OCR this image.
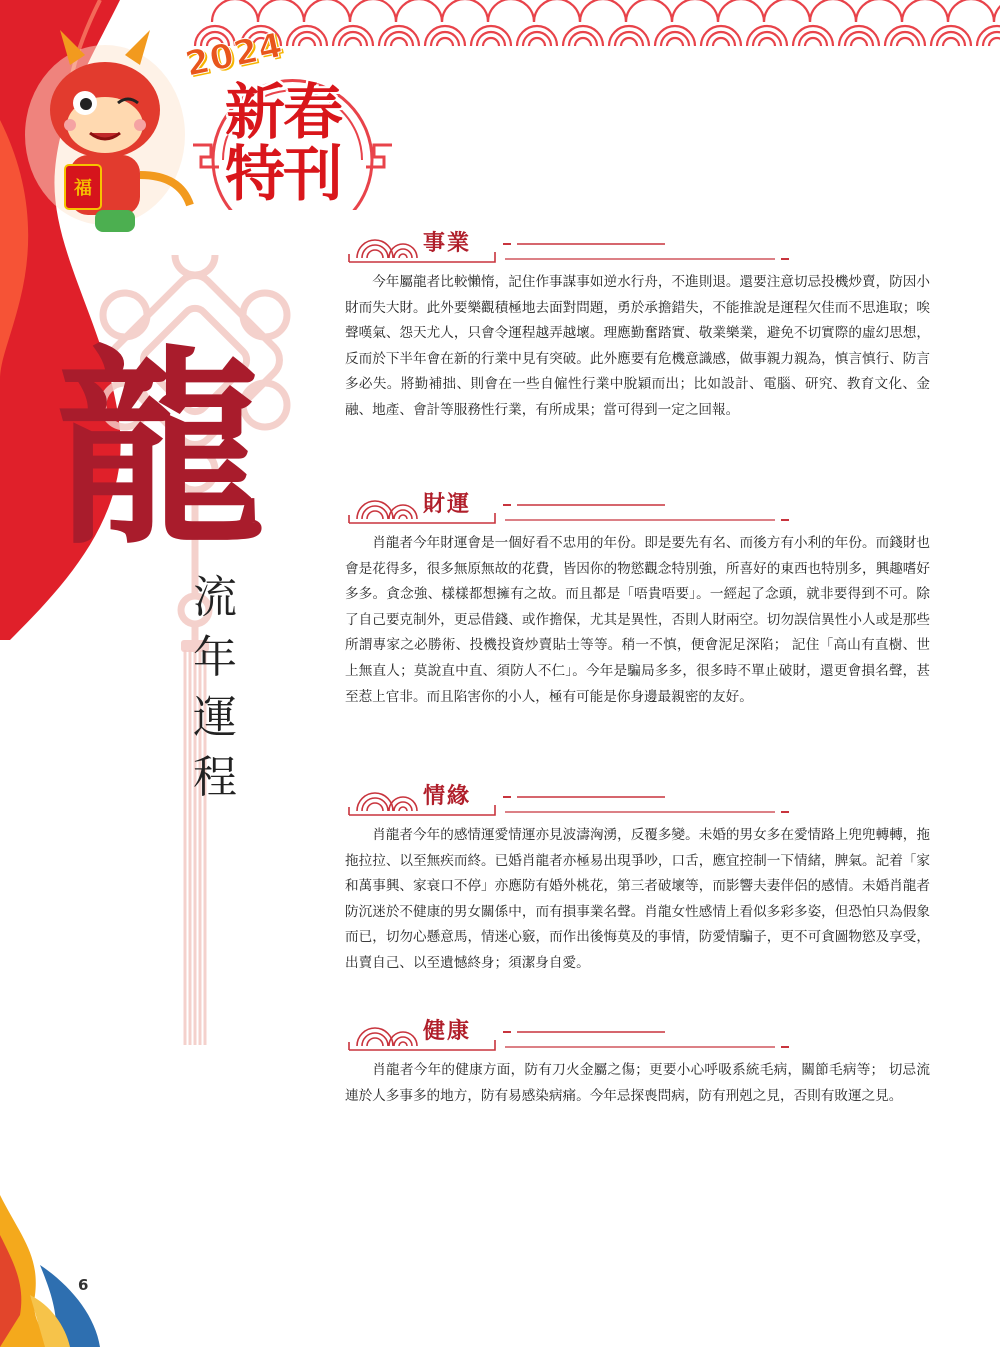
福
2024
新春
特刊
龍
流
年
運
程
事業

今年屬龍者比較懶惰，記住作事謀事如逆水行舟，不進則退。還要注意切忌投機炒賣，防因小財而失大財。此外要樂觀積極地去面對問題，勇於承擔錯失，不能推說是運程欠佳而不思進取；唉聲嘆氣、怨天尤人，只會令運程越弄越壞。理應勤奮踏實、敬業樂業，避免不切實際的虛幻思想，反而於下半年會在新的行業中見有突破。此外應要有危機意識感，做事親力親為，慎言慎行、防言多必失。將勤補拙、則會在一些自僱性行業中脫穎而出；比如設計、電腦、研究、教育文化、金融、地產、會計等服務性行業，有所成果；當可得到一定之回報。

財運

肖龍者今年財運會是一個好看不忠用的年份。即是要先有名、而後方有小利的年份。而錢財也會是花得多，很多無原無故的花費，皆因你的物慾觀念特別強，所喜好的東西也特別多，興趣嗜好多多。貪念強、樣樣都想擁有之故。而且都是「唔貴唔要」。一經起了念頭，就非要得到不可。除了自己要克制外，更忌借錢、或作擔保，尤其是異性，否則人財兩空。切勿誤信異性小人或是那些所謂專家之必勝術、投機投資炒賣貼士等等。稍一不慎，便會泥足深陷； 記住「高山有直樹、世上無直人；莫說直中直、須防人不仁」。今年是騙局多多，很多時不單止破財，還更會損名聲，甚至惹上官非。而且陷害你的小人，極有可能是你身邊最親密的友好。

情緣

肖龍者今年的感情運愛情運亦見波濤洶湧，反覆多變。未婚的男女多在愛情路上兜兜轉轉，拖拖拉拉、以至無疾而終。已婚肖龍者亦極易出現爭吵，口舌，應宜控制一下情緒，脾氣。記着「家和萬事興、家衰口不停」亦應防有婚外桃花，第三者破壞等，而影響夫妻伴侶的感情。未婚肖龍者防沉迷於不健康的男女關係中，而有損事業名聲。肖龍女性感情上看似多彩多姿，但恐怕只為假象而已，切勿心懸意馬，情迷心竅，而作出後悔莫及的事情，防愛情騙子，更不可貪圖物慾及享受，出賣自己、以至遺憾終身；須潔身自愛。

健康

肖龍者今年的健康方面，防有刀火金屬之傷；更要小心呼吸系統毛病，關節毛病等； 切忌流連於人多事多的地方，防有易感染病痛。今年忌探喪問病，防有刑剋之見，否則有敗運之見。

6
